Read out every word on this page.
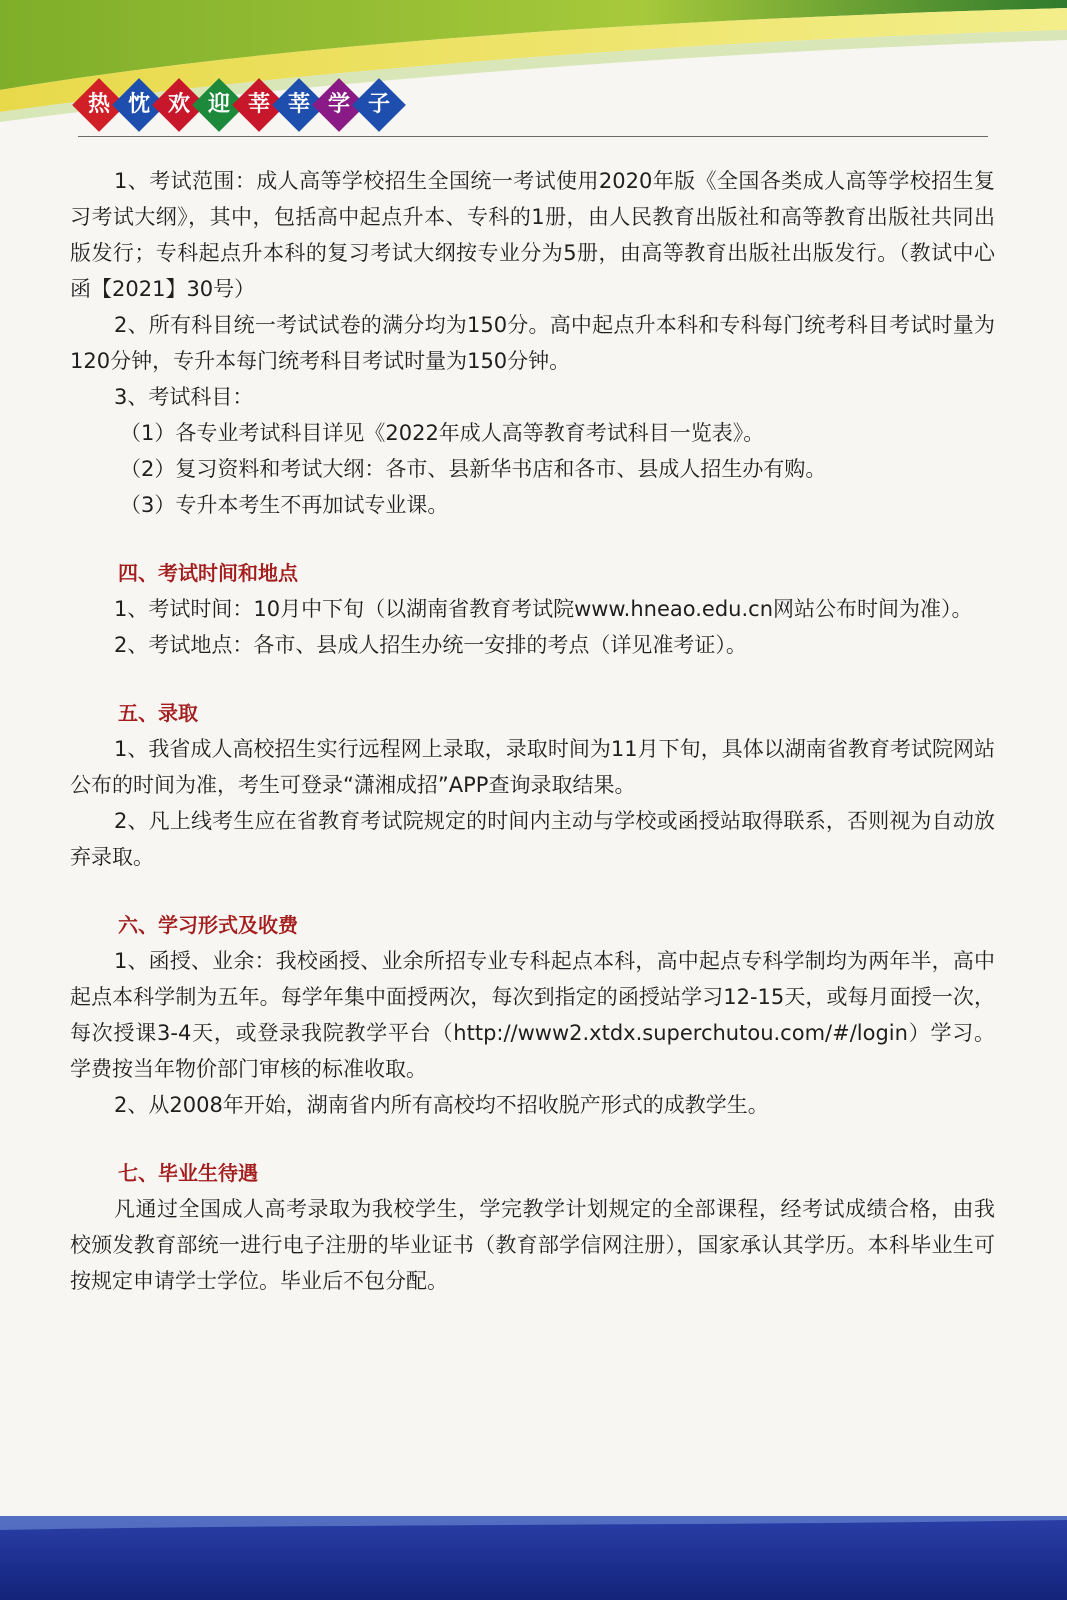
热 忱 欢 迎 莘 莘 学 子

1、考试范围：成人高等学校招生全国统一考试使用2020年版《全国各类成人高等学校招生复习考试大纲》，其中，包括高中起点升本、专科的1册，由人民教育出版社和高等教育出版社共同出版发行；专科起点升本科的复习考试大纲按专业分为5册，由高等教育出版社出版发行。（教试中心函【2021】30号）

2、所有科目统一考试试卷的满分均为150分。高中起点升本科和专科每门统考科目考试时量为120分钟，专升本每门统考科目考试时量为150分钟。

3、考试科目：

（1）各专业考试科目详见《2022年成人高等教育考试科目一览表》。

（2）复习资料和考试大纲：各市、县新华书店和各市、县成人招生办有购。

（3）专升本考生不再加试专业课。

四、考试时间和地点

1、考试时间：10月中下旬（以湖南省教育考试院www.hneao.edu.cn网站公布时间为准）。

2、考试地点：各市、县成人招生办统一安排的考点（详见准考证）。

五、录取

1、我省成人高校招生实行远程网上录取，录取时间为11月下旬，具体以湖南省教育考试院网站公布的时间为准，考生可登录“潇湘成招”APP查询录取结果。

2、凡上线考生应在省教育考试院规定的时间内主动与学校或函授站取得联系，否则视为自动放弃录取。

六、学习形式及收费

1、函授、业余：我校函授、业余所招专业专科起点本科，高中起点专科学制均为两年半，高中起点本科学制为五年。每学年集中面授两次，每次到指定的函授站学习12-15天，或每月面授一次，每次授课3-4天，或登录我院教学平台（http://www2.xtdx.superchutou.com/#/login）学习。学费按当年物价部门审核的标准收取。

2、从2008年开始，湖南省内所有高校均不招收脱产形式的成教学生。

七、毕业生待遇

凡通过全国成人高考录取为我校学生，学完教学计划规定的全部课程，经考试成绩合格，由我校颁发教育部统一进行电子注册的毕业证书（教育部学信网注册），国家承认其学历。本科毕业生可按规定申请学士学位。毕业后不包分配。
